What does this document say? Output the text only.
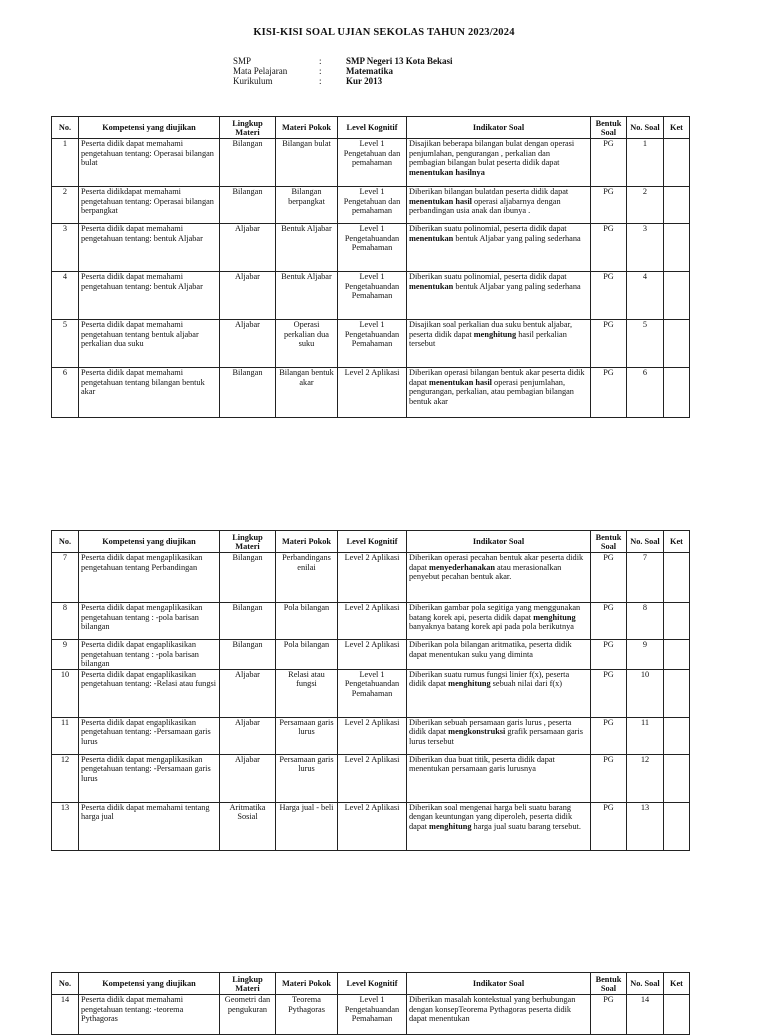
KISI-KISI SOAL UJIAN SEKOLAS TAHUN 2023/2024
SMP	:	SMP Negeri 13 Kota Bekasi
Mata Pelajaran	:	Matematika
Kurikulum	:	Kur 2013
No.	Kompetensi yang diujikan	Lingkup Materi	Materi Pokok	Level Kognitif	Indikator Soal	Bentuk Soal	No. Soal	Ket
1	Peserta didik dapat memahami pengetahuan tentang: Operasai bilangan bulat	Bilangan	Bilangan bulat	Level 1 Pengetahuan dan pemahaman	Disajikan beberapa bilangan bulat dengan operasi penjumlahan, pengurangan , perkalian dan pembagian bilangan bulat peserta didik dapat menentukan hasilnya	PG	1	
2	Peserta didikdapat memahami pengetahuan tentang: Operasai bilangan berpangkat	Bilangan	Bilangan berpangkat	Level 1 Pengetahuan dan pemahaman	Diberikan bilangan bulatdan peserta didik dapat menentukan hasil operasi aljabarnya dengan perbandingan usia anak dan ibunya .	PG	2	
3	Peserta didik dapat memahami pengetahuan tentang: bentuk Aljabar	Aljabar	Bentuk Aljabar	Level 1 Pengetahuandan Pemahaman	Diberikan suatu polinomial, peserta didik dapat menentukan bentuk Aljabar yang paling sederhana	PG	3	
4	Peserta didik dapat memahami pengetahuan tentang: bentuk Aljabar	Aljabar	Bentuk Aljabar	Level 1 Pengetahuandan Pemahaman	Diberikan suatu polinomial, peserta didik dapat menentukan bentuk Aljabar yang paling sederhana	PG	4	
5	Peserta didik dapat memahami pengetahuan tentang bentuk aljabar perkalian dua suku	Aljabar	Operasi perkalian dua suku	Level 1 Pengetahuandan Pemahaman	Disajikan soal perkalian dua suku bentuk aljabar, peserta didik dapat menghitung hasil perkalian tersebut	PG	5	
6	Peserta didik dapat memahami pengetahuan tentang bilangan bentuk akar	Bilangan	Bilangan bentuk akar	Level 2 Aplikasi	Diberikan operasi bilangan bentuk akar peserta didik dapat menentukan hasil operasi penjumlahan, pengurangan, perkalian, atau pembagian bilangan bentuk akar	PG	6	
No.	Kompetensi yang diujikan	Lingkup Materi	Materi Pokok	Level Kognitif	Indikator Soal	Bentuk Soal	No. Soal	Ket
7	Peserta didik dapat mengaplikasikan pengetahuan tentang Perbandingan	Bilangan	Perbandingans enilai	Level 2 Aplikasi	Diberikan operasi pecahan bentuk akar peserta didik dapat menyederhanakan atau merasionalkan penyebut pecahan bentuk akar.	PG	7	
8	Peserta didik dapat mengaplikasikan pengetahuan tentang : -pola barisan bilangan	Bilangan	Pola bilangan	Level 2 Aplikasi	Diberikan gambar pola segitiga yang menggunakan batang korek api, peserta didik dapat menghitung banyaknya batang korek api pada pola berikutnya	PG	8	
9	Peserta didik dapat engaplikasikan pengetahuan tentang : -pola barisan bilangan	Bilangan	Pola bilangan	Level 2 Aplikasi	Diberikan pola bilangan aritmatika, peserta didik dapat menentukan suku yang diminta	PG	9	
10	Peserta didik dapat engaplikasikan pengetahuan tentang: -Relasi atau fungsi	Aljabar	Relasi atau fungsi	Level 1 Pengetahuandan Pemahaman	Diberikan suatu rumus fungsi linier f(x), peserta didik dapat menghitung sebuah nilai dari f(x)	PG	10	
11	Peserta didik dapat engaplikasikan pengetahuan tentang: -Persamaan garis lurus	Aljabar	Persamaan garis lurus	Level 2 Aplikasi	Diberikan sebuah persamaan garis lurus , peserta didik dapat mengkonstruksi grafik persamaan garis lurus tersebut	PG	11	
12	Peserta didik dapat mengaplikasikan pengetahuan tentang: -Persamaan garis lurus	Aljabar	Persamaan garis lurus	Level 2 Aplikasi	Diberikan dua buat titik, peserta didik dapat menentukan persamaan garis lurusnya	PG	12	
13	Peserta didik dapat memahami tentang harga jual	Aritmatika Sosial	Harga jual - beli	Level 2 Aplikasi	Diberikan soal mengenai harga beli suatu barang dengan keuntungan yang diperoleh, peserta didik dapat menghitung harga jual suatu barang tersebut.	PG	13	
No.	Kompetensi yang diujikan	Lingkup Materi	Materi Pokok	Level Kognitif	Indikator Soal	Bentuk Soal	No. Soal	Ket
14	Peserta didik dapat memahami pengetahuan tentang: -teorema Pythagoras	Geometri dan pengukuran	Teorema Pythagoras	Level 1 Pengetahuandan Pemahaman	Diberikan masalah kontekstual yang berhubungan dengan konsepTeorema Pythagoras peserta didik dapat menentukan	PG	14	
